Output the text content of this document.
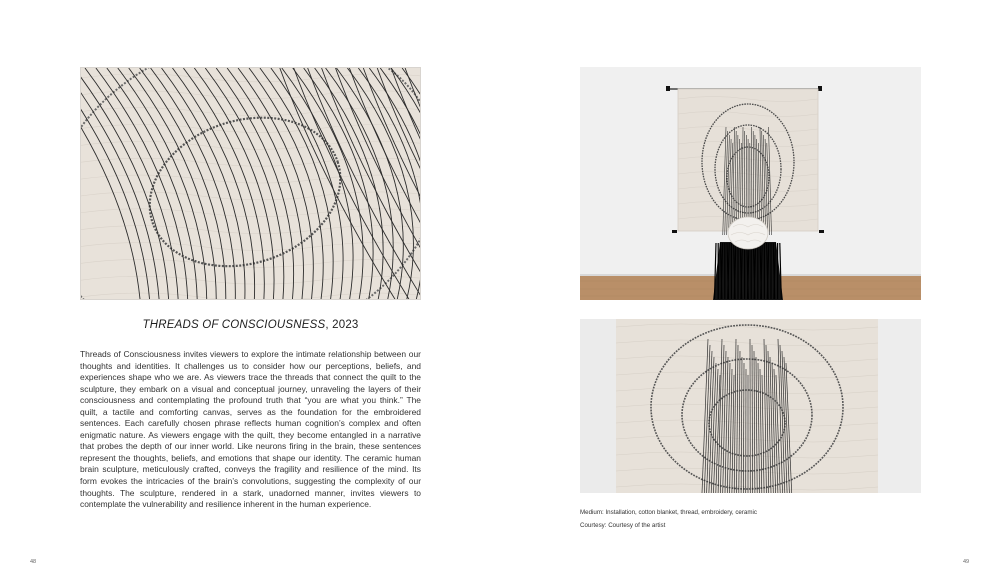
THREADS OF CONSCIOUSNESS, 2023

Threads of Consciousness invites viewers to explore the intimate relationship between our thoughts and identities. It challenges us to consider how our perceptions, beliefs, and experiences shape who we are. As viewers trace the threads that connect the quilt to the sculpture, they embark on a visual and conceptual journey, unraveling the layers of their consciousness and contemplating the profound truth that “you are what you think.” The quilt, a tactile and comforting canvas, serves as the foundation for the embroidered sentences. Each carefully chosen phrase reflects human cognition’s complex and often enigmatic nature. As viewers engage with the quilt, they become entangled in a narrative that probes the depth of our inner world. Like neurons firing in the brain, these sentences represent the thoughts, beliefs, and emotions that shape our identity. The ceramic human brain sculpture, meticulously crafted, conveys the fragility and resilience of the mind. Its form evokes the intricacies of the brain’s convolutions, suggesting the complexity of our thoughts. The sculpture, rendered in a stark, unadorned manner, invites viewers to contemplate the vulnerability and resilience inherent in the human experience.

Medium: Installation, cotton blanket, thread, embroidery, ceramic
Courtesy: Courtesy of the artist
48	49
